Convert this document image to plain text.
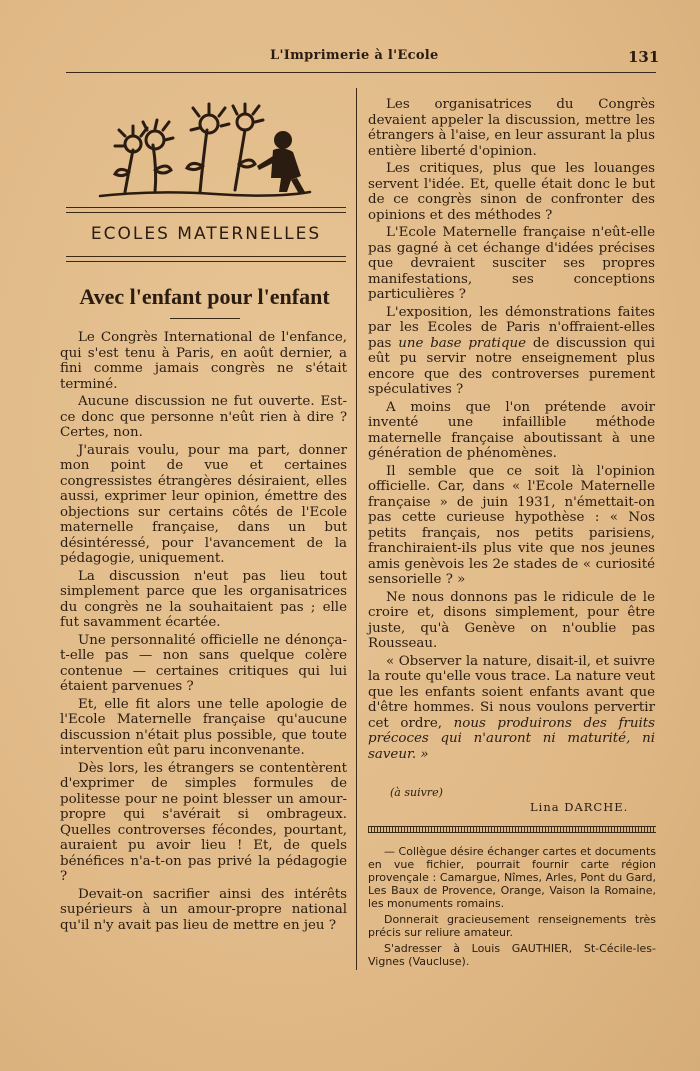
L'Imprimerie à l'Ecole	131
ECOLES MATERNELLES
Avec l'enfant pour l'enfant

Le Congrès International de l'enfance, qui s'est tenu à Paris, en août dernier, a fini comme jamais congrès ne s'était terminé.

Aucune discussion ne fut ouverte. Est-ce donc que personne n'eût rien à dire ? Certes, non.

J'aurais voulu, pour ma part, donner mon point de vue et certaines congressistes étrangères désiraient, elles aussi, exprimer leur opinion, émettre des objections sur certains côtés de l'Ecole maternelle française, dans un but désintéressé, pour l'avancement de la pédagogie, uniquement.

La discussion n'eut pas lieu tout simplement parce que les organisatrices du congrès ne la souhaitaient pas ; elle fut savamment écartée.

Une personnalité officielle ne dénonça-t-elle pas — non sans quelque colère contenue — certaines critiques qui lui étaient parvenues ?

Et, elle fit alors une telle apologie de l'Ecole Maternelle française qu'aucune discussion n'était plus possible, que toute intervention eût paru inconvenante.

Dès lors, les étrangers se contentèrent d'exprimer de simples formules de politesse pour ne point blesser un amour-propre qui s'avérait si ombrageux. Quelles controverses fécondes, pourtant, auraient pu avoir lieu ! Et, de quels bénéfices n'a-t-on pas privé la pédagogie ?

Devait-on sacrifier ainsi des intérêts supérieurs à un amour-propre national qu'il n'y avait pas lieu de mettre en jeu ?

Les organisatrices du Congrès devaient appeler la discussion, mettre les étrangers à l'aise, en leur assurant la plus entière liberté d'opinion.

Les critiques, plus que les louanges servent l'idée. Et, quelle était donc le but de ce congrès sinon de confronter des opinions et des méthodes ?

L'Ecole Maternelle française n'eût-elle pas gagné à cet échange d'idées précises que devraient susciter ses propres manifestations, ses conceptions particulières ?

L'exposition, les démonstrations faites par les Ecoles de Paris n'offraient-elles pas une base pratique de discussion qui eût pu servir notre enseignement plus encore que des controverses purement spéculatives ?

A moins que l'on prétende avoir inventé une infaillible méthode maternelle française aboutissant à une génération de phénomènes.

Il semble que ce soit là l'opinion officielle. Car, dans « l'Ecole Maternelle française » de juin 1931, n'émettait-on pas cette curieuse hypothèse : « Nos petits français, nos petits parisiens, franchiraient-ils plus vite que nos jeunes amis genèvois les 2e stades de « curiosité sensorielle ? »

Ne nous donnons pas le ridicule de le croire et, disons simplement, pour être juste, qu'à Genève on n'oublie pas Rousseau.

« Observer la nature, disait-il, et suivre la route qu'elle vous trace. La nature veut que les enfants soient enfants avant que d'être hommes. Si nous voulons pervertir cet ordre, nous produirons des fruits précoces qui n'auront ni maturité, ni saveur. »

(à suivre)
Lina DARCHE.

— Collègue désire échanger cartes et documents en vue fichier, pourrait fournir carte région provençale : Camargue, Nîmes, Arles, Pont du Gard, Les Baux de Provence, Orange, Vaison la Romaine, les monuments romains.

Donnerait gracieusement renseignements très précis sur reliure amateur.

S'adresser à Louis GAUTHIER, St-Cécile-les-Vignes (Vaucluse).
